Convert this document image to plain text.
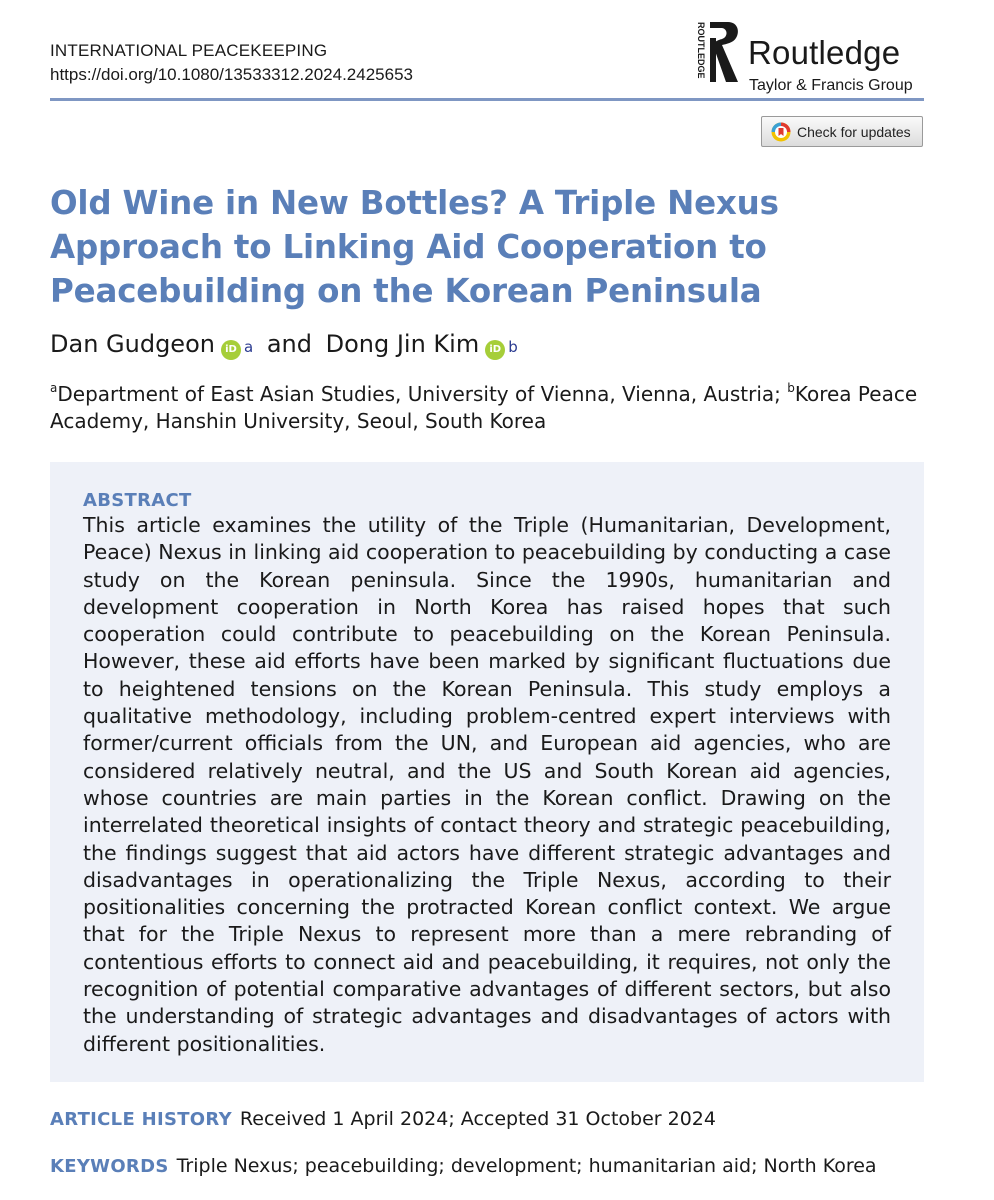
INTERNATIONAL PEACEKEEPING
https://doi.org/10.1080/13533312.2024.2425653	ROUTLEDGE Routledge
Taylor & Francis Group
Check for updates
Old Wine in New Bottles? A Triple Nexus Approach to Linking Aid Cooperation to Peacebuilding on the Korean Peninsula
Dan Gudgeon iD a and Dong Jin Kim iD b
$^a$Department of East Asian Studies, University of Vienna, Vienna, Austria; $^b$Korea Peace Academy, Hanshin University, Seoul, South Korea
ABSTRACT

This article examines the utility of the Triple (Humanitarian, Development, Peace) Nexus in linking aid cooperation to peacebuilding by conducting a case study on the Korean peninsula. Since the 1990s, humanitarian and development cooperation in North Korea has raised hopes that such cooperation could contribute to peacebuilding on the Korean Peninsula. However, these aid efforts have been marked by significant fluctuations due to heightened tensions on the Korean Peninsula. This study employs a qualitative methodology, including problem-centred expert interviews with former/current officials from the UN, and European aid agencies, who are considered relatively neutral, and the US and South Korean aid agencies, whose countries are main parties in the Korean conflict. Drawing on the interrelated theoretical insights of contact theory and strategic peacebuilding, the findings suggest that aid actors have different strategic advantages and disadvantages in operationalizing the Triple Nexus, according to their positionalities concerning the protracted Korean conflict context. We argue that for the Triple Nexus to represent more than a mere rebranding of contentious efforts to connect aid and peacebuilding, it requires, not only the recognition of potential comparative advantages of different sectors, but also the understanding of strategic advantages and disadvantages of actors with different positionalities.

ARTICLE HISTORY Received 1 April 2024; Accepted 31 October 2024
KEYWORDS Triple Nexus; peacebuilding; development; humanitarian aid; North Korea
